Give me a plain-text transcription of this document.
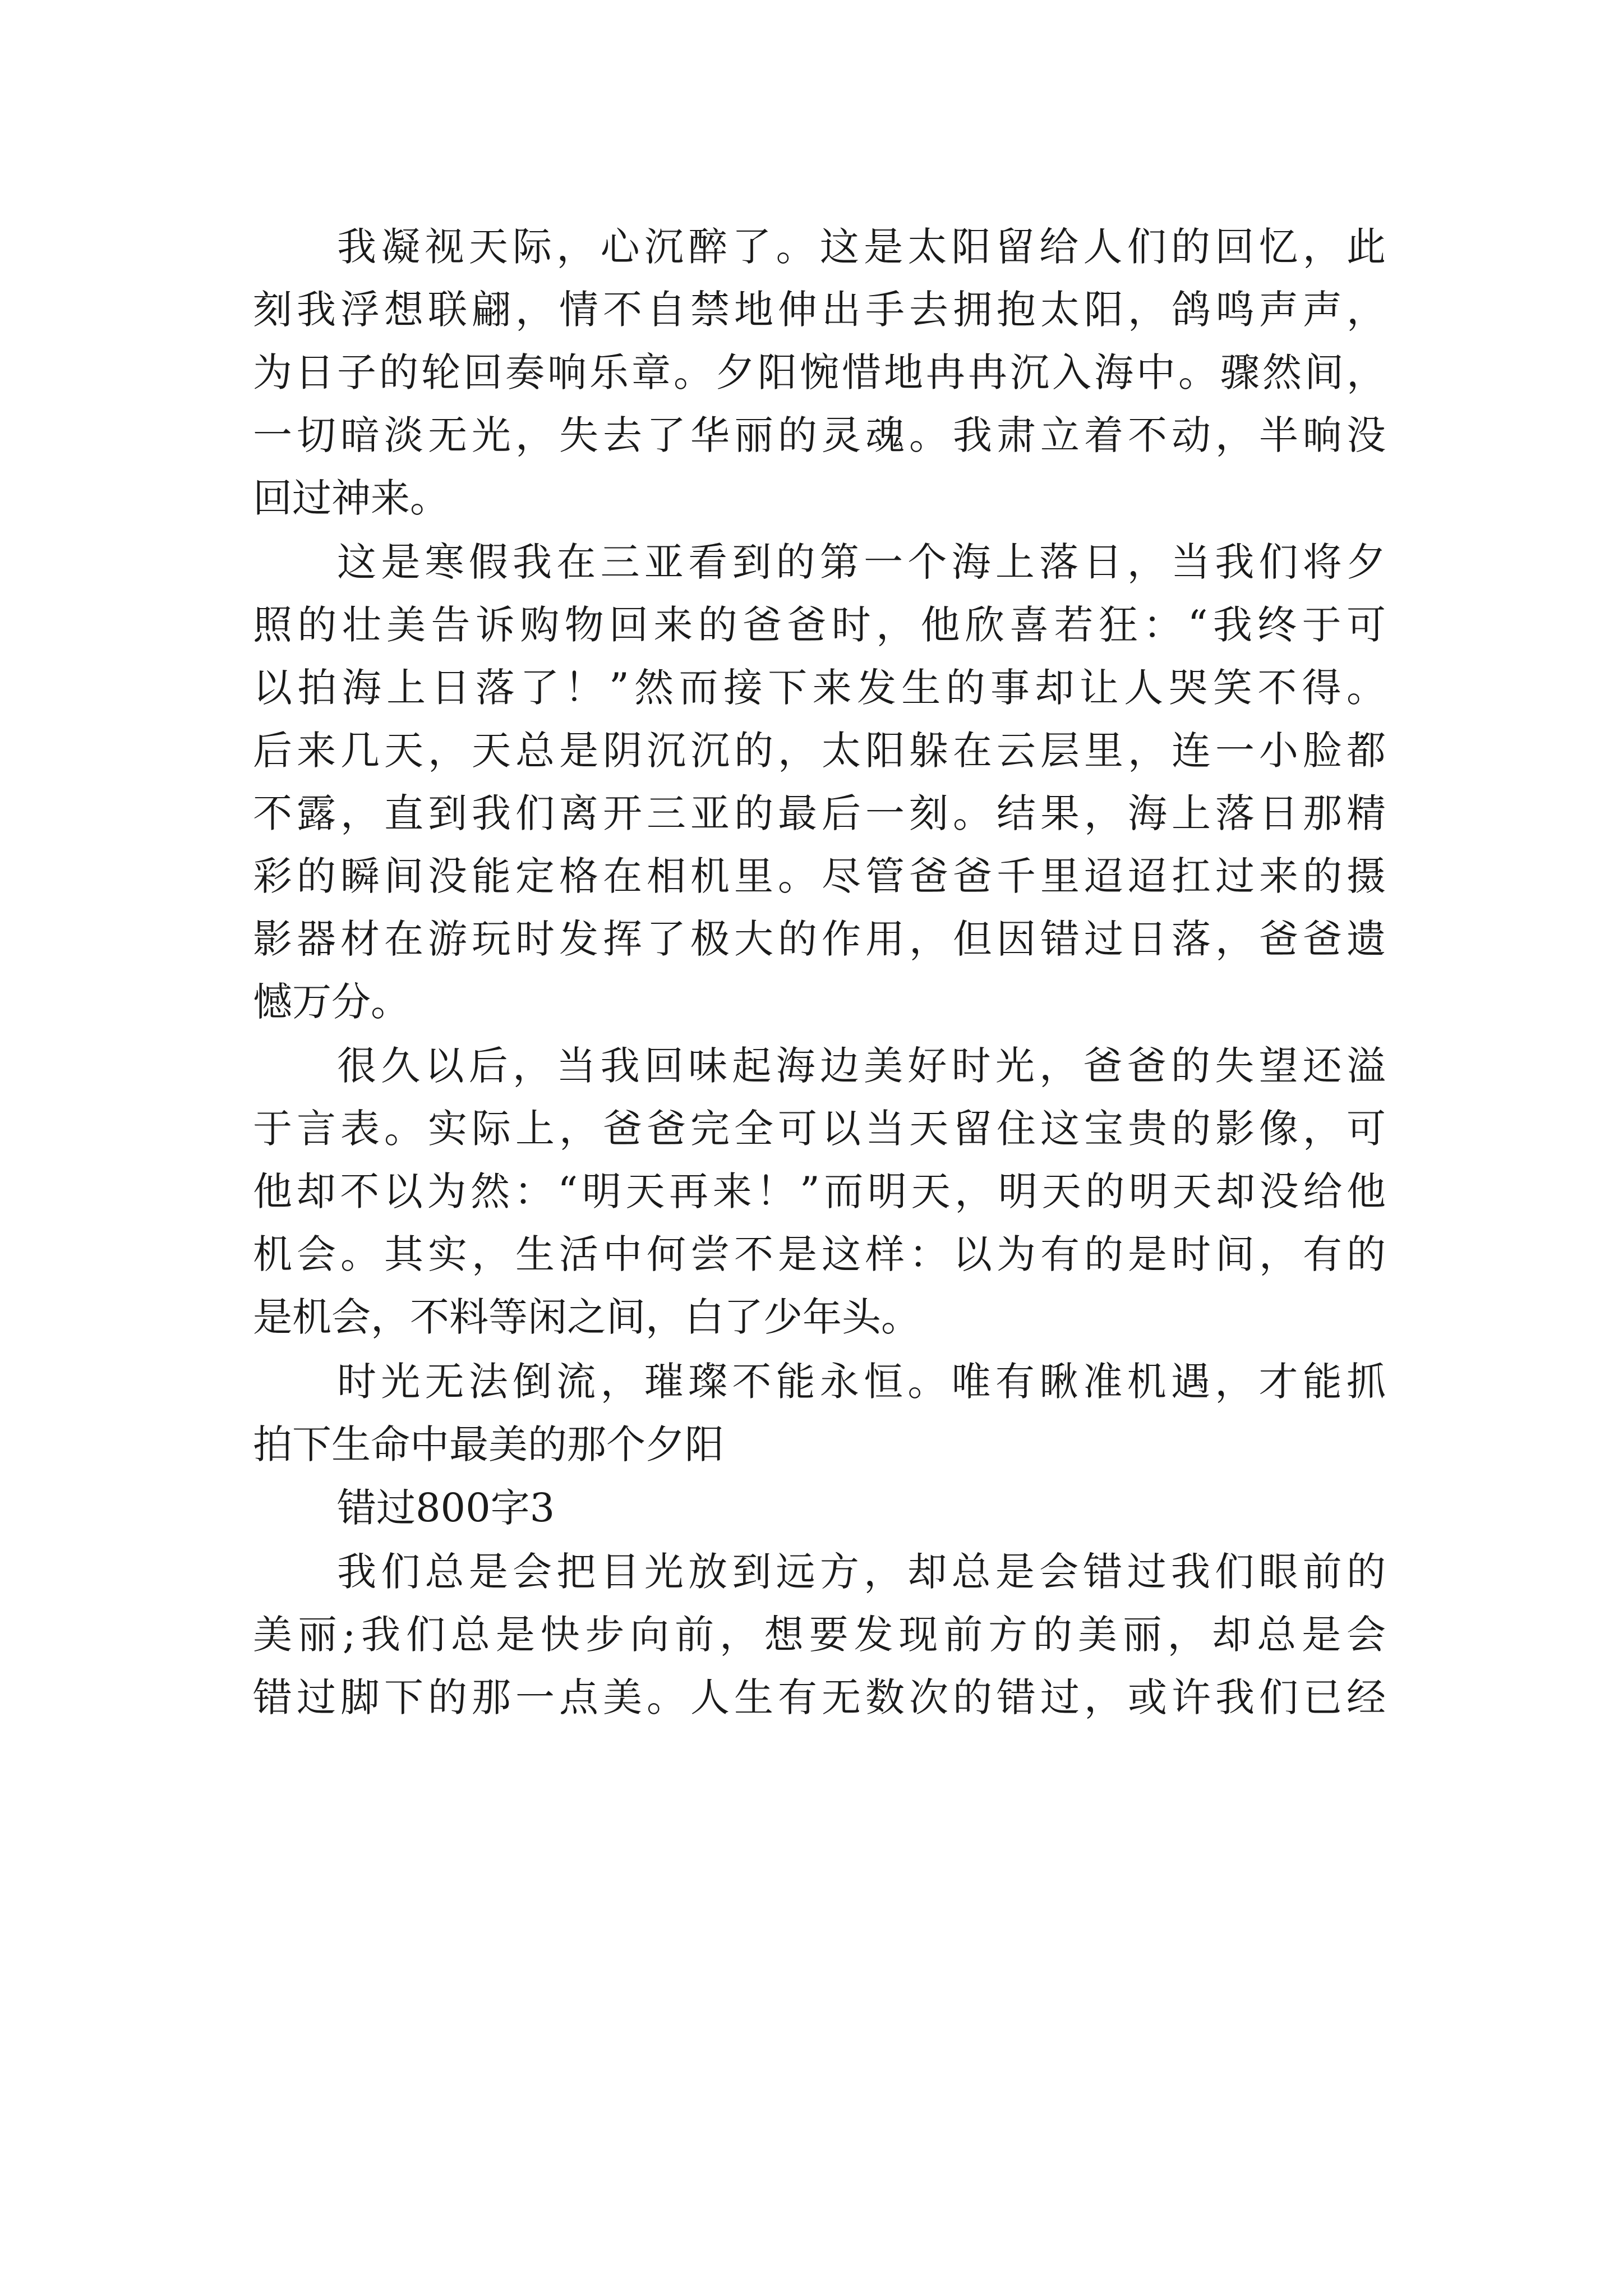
我凝视天际，心沉醉了。这是太阳留给人们的回忆，此
刻我浮想联翩，情不自禁地伸出手去拥抱太阳，鸽鸣声声，
为日子的轮回奏响乐章。夕阳惋惜地冉冉沉入海中。骤然间，
一切暗淡无光，失去了华丽的灵魂。我肃立着不动，半晌没
回过神来。
这是寒假我在三亚看到的第一个海上落日，当我们将夕
照的壮美告诉购物回来的爸爸时，他欣喜若狂：“我终于可
以拍海上日落了！”然而接下来发生的事却让人哭笑不得。
后来几天，天总是阴沉沉的，太阳躲在云层里，连一小脸都
不露，直到我们离开三亚的最后一刻。结果，海上落日那精
彩的瞬间没能定格在相机里。尽管爸爸千里迢迢扛过来的摄
影器材在游玩时发挥了极大的作用，但因错过日落，爸爸遗
憾万分。
很久以后，当我回味起海边美好时光，爸爸的失望还溢
于言表。实际上，爸爸完全可以当天留住这宝贵的影像，可
他却不以为然：“明天再来！”而明天，明天的明天却没给他
机会。其实，生活中何尝不是这样：以为有的是时间，有的
是机会，不料等闲之间，白了少年头。
时光无法倒流，璀璨不能永恒。唯有瞅准机遇，才能抓
拍下生命中最美的那个夕阳
错过800字3
我们总是会把目光放到远方，却总是会错过我们眼前的
美丽;我们总是快步向前，想要发现前方的美丽，却总是会
错过脚下的那一点美。人生有无数次的错过，或许我们已经
